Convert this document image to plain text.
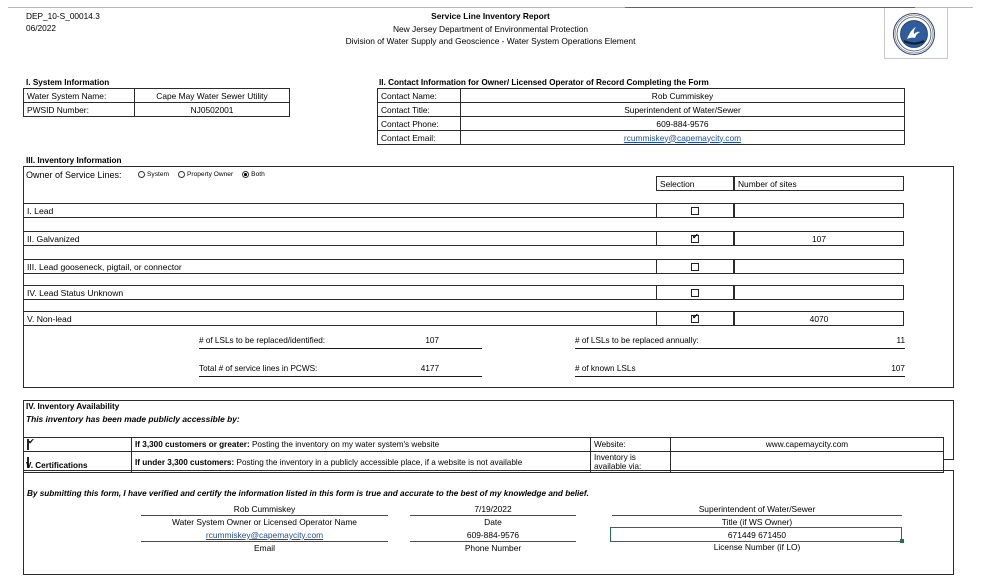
DEP_10-S_00014.3
06/2022
Service Line Inventory Report
New Jersey Department of Environmental Protection
Division of Water Supply and Geoscience - Water System Operations Element
I. System Information
Water System Name:	Cape May Water Sewer Utility
PWSID Number:	NJ0502001
II. Contact Information for Owner/ Licensed Operator of Record Completing the Form
Contact Name:	Rob Cummiskey
Contact Title:	Superintendent of Water/Sewer
Contact Phone:	609-884-9576
Contact Email:	rcummiskey@capemaycity.com
III. Inventory Information
Owner of Service Lines:	System	Property Owner	Both
Selection	Number of sites
I. Lead
II. Galvanized ✔	107
III. Lead gooseneck, pigtail, or connector
IV. Lead Status Unknown
V. Non-lead ✔	4070
# of LSLs to be replaced/identified:	107	# of LSLs to be replaced annually:	11
Total # of service lines in PCWS:	4177	# of known LSLs	107
IV. Inventory Availability
This inventory has been made publicly accessible by:
✔	If 3,300 customers or greater: Posting the inventory on my water system's website	Website:	www.capemaycity.com
	If under 3,300 customers: Posting the inventory in a publicly accessible place, if a website is not available	Inventory is available via:	
V. Certifications
By submitting this form, I have verified and certify the information listed in this form is true and accurate to the best of my knowledge and belief.
Rob Cummiskey
Water System Owner or Licensed Operator Name
7/19/2022
Date
Superintendent of Water/Sewer
Title (if WS Owner)
rcummiskey@capemaycity.com
Email
609-884-9576
Phone Number
671449 671450
License Number (if LO)
